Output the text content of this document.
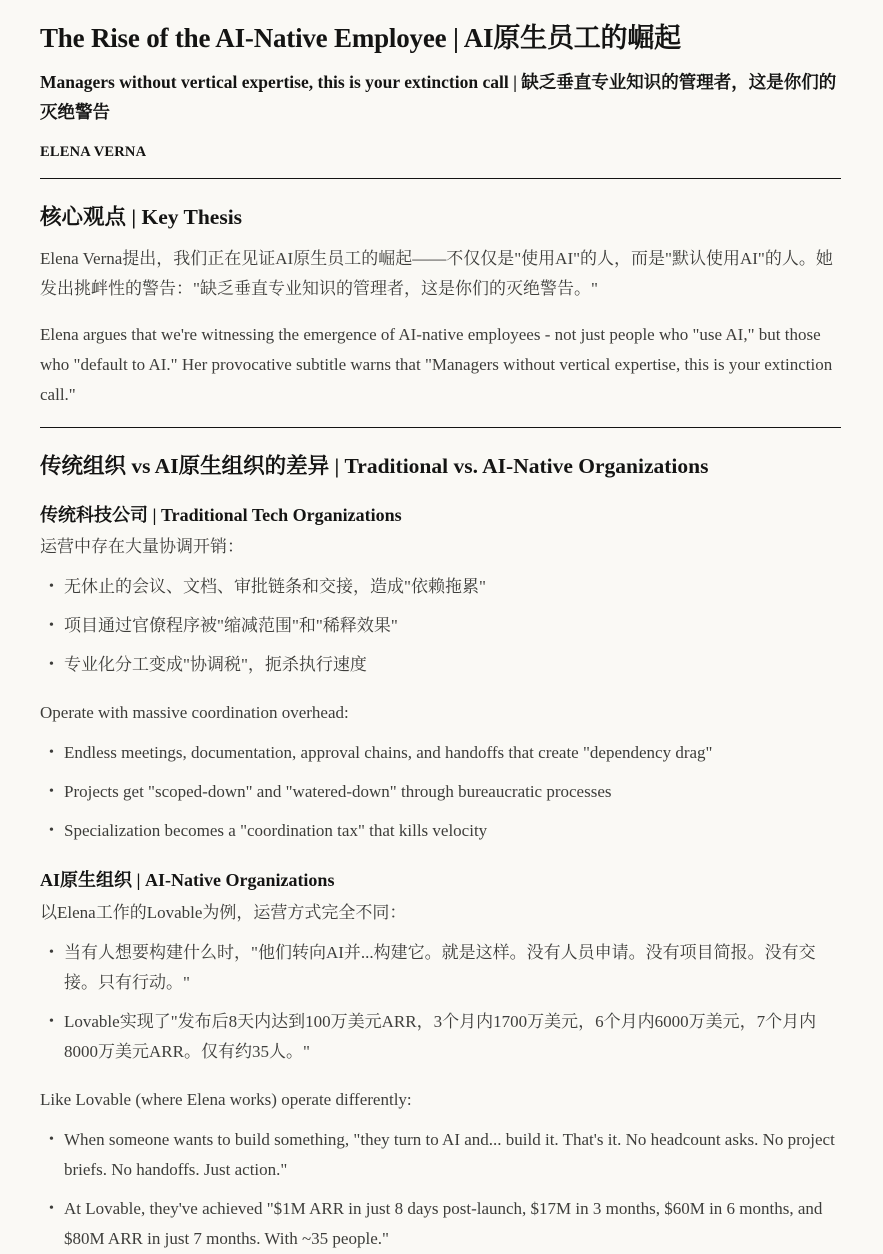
The Rise of the AI-Native Employee | AI原生员工的崛起

Managers without vertical expertise, this is your extinction call | 缺乏垂直专业知识的管理者，这是你们的灭绝警告

ELENA VERNA

核心观点 | Key Thesis

Elena Verna提出，我们正在见证AI原生员工的崛起——不仅仅是"使用AI"的人，而是"默认使用AI"的人。她发出挑衅性的警告："缺乏垂直专业知识的管理者，这是你们的灭绝警告。"

Elena argues that we're witnessing the emergence of AI-native employees - not just people who "use AI," but those who "default to AI." Her provocative subtitle warns that "Managers without vertical expertise, this is your extinction call."

传统组织 vs AI原生组织的差异 | Traditional vs. AI-Native Organizations
传统科技公司 | Traditional Tech Organizations

运营中存在大量协调开销：

• 无休止的会议、文档、审批链条和交接，造成"依赖拖累"
• 项目通过官僚程序被"缩减范围"和"稀释效果"
• 专业化分工变成"协调税"，扼杀执行速度

Operate with massive coordination overhead:

• Endless meetings, documentation, approval chains, and handoffs that create "dependency drag"
• Projects get "scoped-down" and "watered-down" through bureaucratic processes
• Specialization becomes a "coordination tax" that kills velocity
AI原生组织 | AI-Native Organizations

以Elena工作的Lovable为例，运营方式完全不同：

• 当有人想要构建什么时，"他们转向AI并...构建它。就是这样。没有人员申请。没有项目简报。没有交接。只有行动。"
• Lovable实现了"发布后8天内达到100万美元ARR，3个月内1700万美元，6个月内6000万美元，7个月内8000万美元ARR。仅有约35人。"

Like Lovable (where Elena works) operate differently:

• When someone wants to build something, "they turn to AI and... build it. That's it. No headcount asks. No project briefs. No handoffs. Just action."
• At Lovable, they've achieved "$1M ARR in just 8 days post-launch, $17M in 3 months, $60M in 6 months, and $80M ARR in just 7 months. With ~35 people."
